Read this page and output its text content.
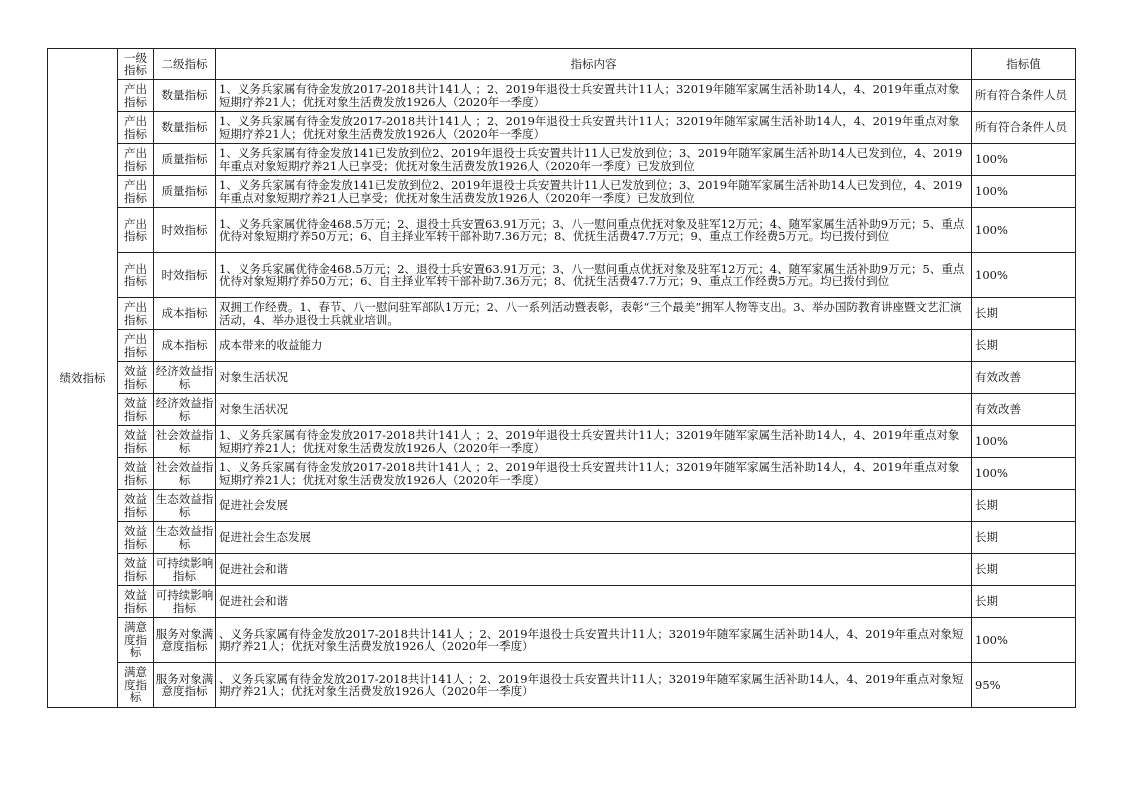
绩效指标	一级指标	二级指标	指标内容	指标值
	产出指标	数量指标	1、义务兵家属有待金发放2017-2018共计141人 ；2、2019年退役士兵安置共计11人；32019年随军家属生活补助14人，4、2019年重点对象短期疗养21人；优抚对象生活费发放1926人（2020年一季度）	所有符合条件人员
	产出指标	数量指标	1、义务兵家属有待金发放2017-2018共计141人 ；2、2019年退役士兵安置共计11人；32019年随军家属生活补助14人，4、2019年重点对象短期疗养21人；优抚对象生活费发放1926人（2020年一季度）	所有符合条件人员
	产出指标	质量指标	1、义务兵家属有待金发放141已发放到位2、2019年退役士兵安置共计11人已发放到位；3、2019年随军家属生活补助14人已发到位，4、2019年重点对象短期疗养21人已享受；优抚对象生活费发放1926人（2020年一季度）已发放到位	100%
	产出指标	质量指标	1、义务兵家属有待金发放141已发放到位2、2019年退役士兵安置共计11人已发放到位；3、2019年随军家属生活补助14人已发到位，4、2019年重点对象短期疗养21人已享受；优抚对象生活费发放1926人（2020年一季度）已发放到位	100%
	产出指标	时效指标	1、义务兵家属优待金468.5万元；2、退役士兵安置63.91万元；3、八一慰问重点优抚对象及驻军12万元；4、随军家属生活补助9万元；5、重点优待对象短期疗养50万元；6、自主择业军转干部补助7.36万元；8、优抚生活费47.7万元；9、重点工作经费5万元。均已拨付到位	100%
	产出指标	时效指标	1、义务兵家属优待金468.5万元；2、退役士兵安置63.91万元；3、八一慰问重点优抚对象及驻军12万元；4、随军家属生活补助9万元；5、重点优待对象短期疗养50万元；6、自主择业军转干部补助7.36万元；8、优抚生活费47.7万元；9、重点工作经费5万元。均已拨付到位	100%
	产出指标	成本指标	双拥工作经费。1、春节、八一慰问驻军部队1万元；2、八一系列活动暨表彰，表彰“三个最美”拥军人物等支出。3、举办国防教育讲座暨文艺汇演活动，4、举办退役士兵就业培训。	长期
	产出指标	成本指标	成本带来的收益能力	长期
	效益指标	经济效益指标	对象生活状况	有效改善
	效益指标	经济效益指标	对象生活状况	有效改善
	效益指标	社会效益指标	1、义务兵家属有待金发放2017-2018共计141人 ；2、2019年退役士兵安置共计11人；32019年随军家属生活补助14人，4、2019年重点对象短期疗养21人；优抚对象生活费发放1926人（2020年一季度）	100%
	效益指标	社会效益指标	1、义务兵家属有待金发放2017-2018共计141人 ；2、2019年退役士兵安置共计11人；32019年随军家属生活补助14人，4、2019年重点对象短期疗养21人；优抚对象生活费发放1926人（2020年一季度）	100%
	效益指标	生态效益指标	促进社会发展	长期
	效益指标	生态效益指标	促进社会生态发展	长期
	效益指标	可持续影响指标	促进社会和谐	长期
	效益指标	可持续影响指标	促进社会和谐	长期
	满意度指标	服务对象满意度指标	、义务兵家属有待金发放2017-2018共计141人 ；2、2019年退役士兵安置共计11人；32019年随军家属生活补助14人，4、2019年重点对象短期疗养21人；优抚对象生活费发放1926人（2020年一季度）	100%
	满意度指标	服务对象满意度指标	、义务兵家属有待金发放2017-2018共计141人 ；2、2019年退役士兵安置共计11人；32019年随军家属生活补助14人，4、2019年重点对象短期疗养21人；优抚对象生活费发放1926人（2020年一季度）	95%
